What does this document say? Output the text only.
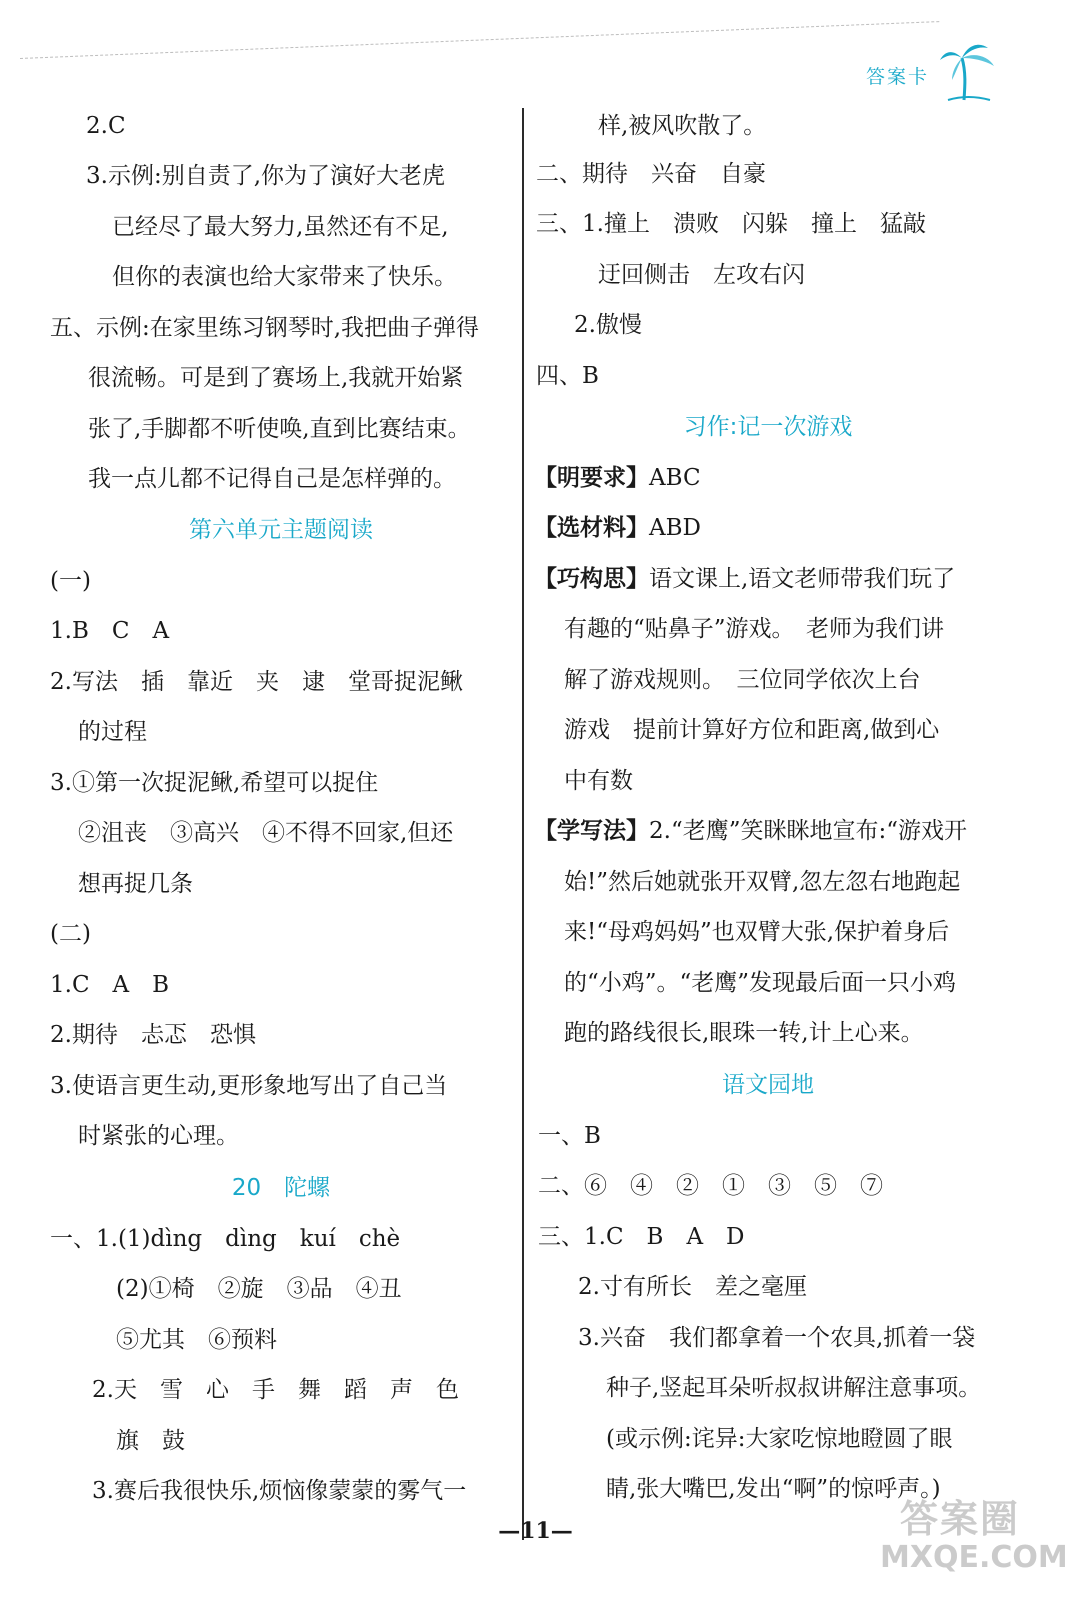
答案卡
2.C
3.示例:别自责了,你为了演好大老虎
已经尽了最大努力,虽然还有不足,
但你的表演也给大家带来了快乐。
五、示例:在家里练习钢琴时,我把曲子弹得
很流畅。可是到了赛场上,我就开始紧
张了,手脚都不听使唤,直到比赛结束。
我一点儿都不记得自己是怎样弹的。
第六单元主题阅读
(一)
1.B　C　A
2.写法　插　靠近　夹　逮　堂哥捉泥鳅
的过程
3.①第一次捉泥鳅,希望可以捉住
②沮丧　③高兴　④不得不回家,但还
想再捉几条
(二)
1.C　A　B
2.期待　忐忑　恐惧
3.使语言更生动,更形象地写出了自己当
时紧张的心理。
20　陀螺
一、1.(1)dìng　dìng　kuí　chè
(2)①椅　②旋　③品　④丑
⑤尤其　⑥预料
2.天　雪　心　手　舞　蹈　声　色
旗　鼓
3.赛后我很快乐,烦恼像蒙蒙的雾气一
样,被风吹散了。
二、期待　兴奋　自豪
三、1.撞上　溃败　闪躲　撞上　猛敲
迂回侧击　左攻右闪
2.傲慢
四、B
习作:记一次游戏
【明要求】ABC
【选材料】ABD
【巧构思】语文课上,语文老师带我们玩了
有趣的“贴鼻子”游戏。　老师为我们讲
解了游戏规则。　三位同学依次上台
游戏　提前计算好方位和距离,做到心
中有数
【学写法】2.“老鹰”笑眯眯地宣布:“游戏开
始!”然后她就张开双臂,忽左忽右地跑起
来!“母鸡妈妈”也双臂大张,保护着身后
的“小鸡”。“老鹰”发现最后面一只小鸡
跑的路线很长,眼珠一转,计上心来。
语文园地
一、B
二、⑥　④　②　①　③　⑤　⑦
三、1.C　B　A　D
2.寸有所长　差之毫厘
3.兴奋　我们都拿着一个农具,抓着一袋
种子,竖起耳朵听叔叔讲解注意事项。
(或示例:诧异:大家吃惊地瞪圆了眼
睛,张大嘴巴,发出“啊”的惊呼声。)
—11—	答案圈
MXQE.COM
